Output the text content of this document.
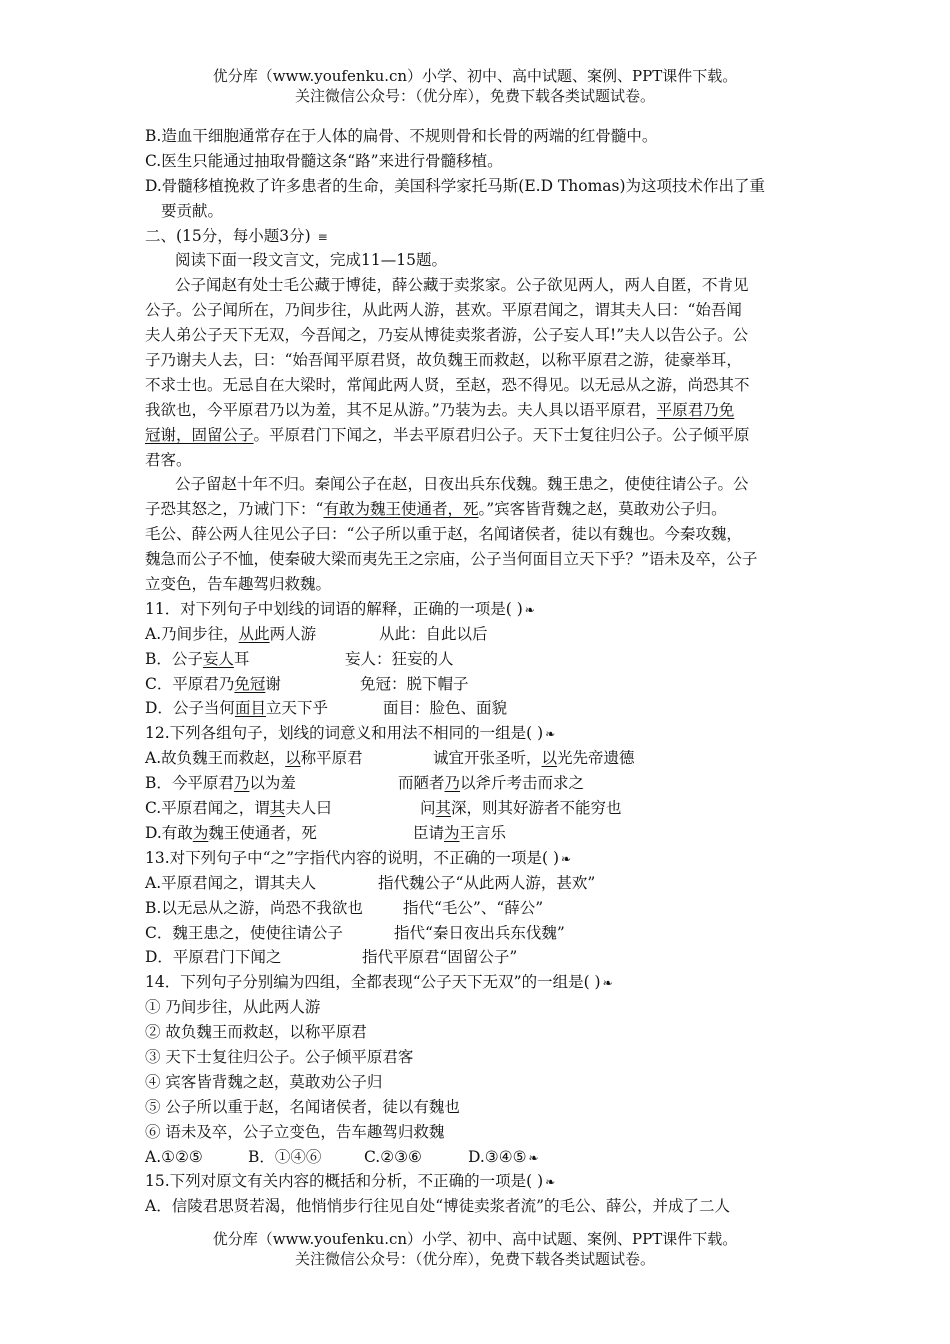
优分库（www.youfenku.cn）小学、初中、高中试题、案例、PPT课件下载。
关注微信公众号：（优分库），免费下载各类试题试卷。
B.造血干细胞通常存在于人体的扁骨、不规则骨和长骨的两端的红骨髓中。
C.医生只能通过抽取骨髓这条“路”来进行骨髓移植。
D.骨髓移植挽救了许多患者的生命，美国科学家托马斯(E.D Thomas)为这项技术作出了重
要贡献。
二、(15分，每小题3分) ≡
阅读下面一段文言文，完成11—15题。
公子闻赵有处士毛公藏于博徒，薛公藏于卖浆家。公子欲见两人，两人自匿，不肯见
公子。公子闻所在，乃间步往，从此两人游，甚欢。平原君闻之，谓其夫人曰：“始吾闻
夫人弟公子天下无双，今吾闻之，乃妄从博徒卖浆者游，公子妄人耳!”夫人以告公子。公
子乃谢夫人去，曰：“始吾闻平原君贤，故负魏王而救赵，以称平原君之游，徒豪举耳，
不求士也。无忌自在大梁时，常闻此两人贤，至赵，恐不得见。以无忌从之游，尚恐其不
我欲也，今平原君乃以为羞，其不足从游。”乃装为去。夫人具以语平原君，平原君乃免
冠谢，固留公子。平原君门下闻之，半去平原君归公子。天下士复往归公子。公子倾平原
君客。
公子留赵十年不归。秦闻公子在赵，日夜出兵东伐魏。魏王患之，使使往请公子。公
子恐其怒之，乃诫门下：“有敢为魏王使通者，死。”宾客皆背魏之赵，莫敢劝公子归。
毛公、薛公两人往见公子曰：“公子所以重于赵，名闻诸侯者，徒以有魏也。今秦攻魏，
魏急而公子不恤，使秦破大梁而夷先王之宗庙，公子当何面目立天下乎？”语未及卒，公子
立变色，告车趣驾归救魏。
11．对下列句子中划线的词语的解释，正确的一项是( ) ❧
A.乃间步往，从此两人游	从此：自此以后
B．公子妄人耳	妄人：狂妄的人
C．平原君乃免冠谢	免冠：脱下帽子
D．公子当何面目立天下乎	面目：脸色、面貌
12.下列各组句子，划线的词意义和用法不相同的一组是( ) ❧
A.故负魏王而救赵，以称平原君	诚宜开张圣听，以光先帝遗德
B．今平原君乃以为羞	而陋者乃以斧斤考击而求之
C.平原君闻之，谓其夫人曰	问其深，则其好游者不能穷也
D.有敢为魏王使通者，死	臣请为王言乐
13.对下列句子中“之”字指代内容的说明，不正确的一项是( ) ❧
A.平原君闻之，谓其夫人	指代魏公子“从此两人游，甚欢”
B.以无忌从之游，尚恐不我欲也	指代“毛公”、“薛公”
C．魏王患之，使使往请公子	指代“秦日夜出兵东伐魏”
D．平原君门下闻之	指代平原君“固留公子”
14．下列句子分别编为四组，全都表现“公子天下无双”的一组是( ) ❧
① 乃间步往，从此两人游
② 故负魏王而救赵，以称平原君
③ 天下士复往归公子。公子倾平原君客
④ 宾客皆背魏之赵，莫敢劝公子归
⑤ 公子所以重于赵，名闻诸侯者，徒以有魏也
⑥ 语未及卒，公子立变色，告车趣驾归救魏
A.①②⑤	B．①④⑥	C.②③⑥	D.③④⑤ ❧
15.下列对原文有关内容的概括和分析，不正确的一项是( ) ❧
A．信陵君思贤若渴，他悄悄步行往见自处“博徒卖浆者流”的毛公、薛公，并成了二人
优分库（www.youfenku.cn）小学、初中、高中试题、案例、PPT课件下载。
关注微信公众号：（优分库），免费下载各类试题试卷。
